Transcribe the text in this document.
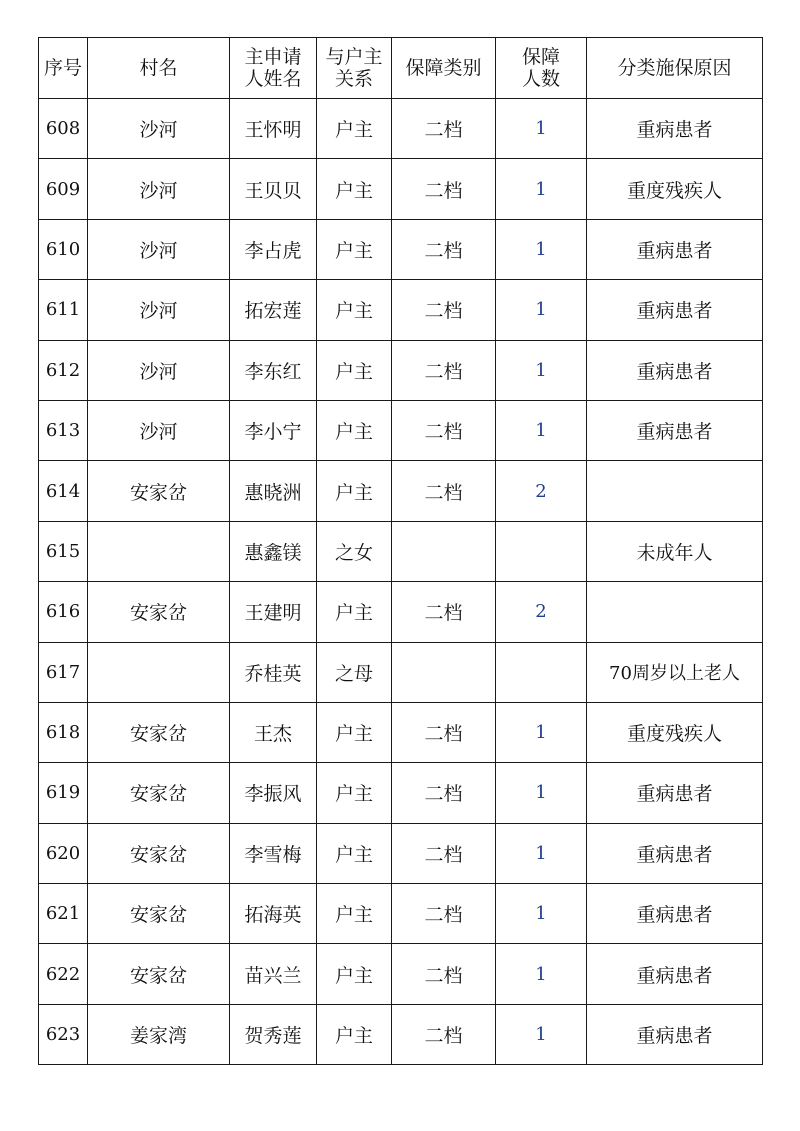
序号	村名	主申请人姓名	与户主关系	保障类别	保障人数	分类施保原因
608	沙河	王怀明	户主	二档	1	重病患者
609	沙河	王贝贝	户主	二档	1	重度残疾人
610	沙河	李占虎	户主	二档	1	重病患者
611	沙河	拓宏莲	户主	二档	1	重病患者
612	沙河	李东红	户主	二档	1	重病患者
613	沙河	李小宁	户主	二档	1	重病患者
614	安家岔	惠晓洲	户主	二档	2	
615		惠鑫镁	之女			未成年人
616	安家岔	王建明	户主	二档	2	
617		乔桂英	之母			70周岁以上老人
618	安家岔	王杰	户主	二档	1	重度残疾人
619	安家岔	李振风	户主	二档	1	重病患者
620	安家岔	李雪梅	户主	二档	1	重病患者
621	安家岔	拓海英	户主	二档	1	重病患者
622	安家岔	苗兴兰	户主	二档	1	重病患者
623	姜家湾	贺秀莲	户主	二档	1	重病患者
